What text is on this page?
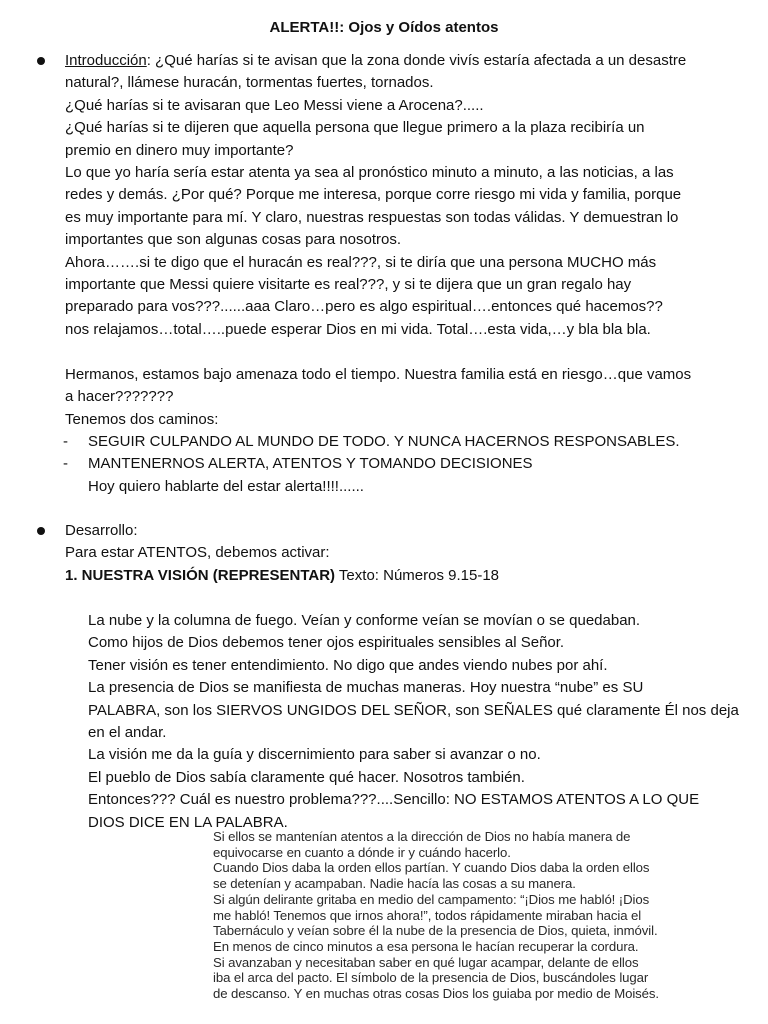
ALERTA!!: Ojos y Oídos atentos

Introducción: ¿Qué harías si te avisan que la zona donde vivís estaría afectada a un desastre

natural?, llámese huracán, tormentas fuertes, tornados.

¿Qué harías si te avisaran que Leo Messi viene a Arocena?.....

¿Qué harías si te dijeren que aquella persona que llegue primero a la plaza recibiría un

premio en dinero muy importante?

Lo que yo haría sería estar atenta ya sea al pronóstico minuto a minuto, a las noticias, a las

redes y demás. ¿Por qué? Porque me interesa, porque corre riesgo mi vida y familia, porque

es muy importante para mí. Y claro, nuestras respuestas son todas válidas. Y demuestran lo

importantes que son algunas cosas para nosotros.

Ahora…….si te digo que el huracán es real???, si te diría que una persona MUCHO más

importante que Messi quiere visitarte es real???, y si te dijera que un gran regalo hay

preparado para vos???......aaa Claro…pero es algo espiritual….entonces qué hacemos??

nos relajamos…total…..puede esperar Dios en mi vida. Total….esta vida,…y bla bla bla.

Hermanos, estamos bajo amenaza todo el tiempo. Nuestra familia está en riesgo…que vamos

a hacer???????

Tenemos dos caminos:

- SEGUIR CULPANDO AL MUNDO DE TODO. Y NUNCA HACERNOS RESPONSABLES.

- MANTENERNOS ALERTA, ATENTOS Y TOMANDO DECISIONES

Hoy quiero hablarte del estar alerta!!!!......

Desarrollo:

Para estar ATENTOS, debemos activar:

1. NUESTRA VISIÓN (REPRESENTAR) Texto: Números 9.15-18

La nube y la columna de fuego. Veían y conforme veían se movían o se quedaban.

Como hijos de Dios debemos tener ojos espirituales sensibles al Señor.

Tener visión es tener entendimiento. No digo que andes viendo nubes por ahí.

La presencia de Dios se manifiesta de muchas maneras. Hoy nuestra “nube” es SU

PALABRA, son los SIERVOS UNGIDOS DEL SEÑOR, son SEÑALES qué claramente Él nos deja

en el andar.

La visión me da la guía y discernimiento para saber si avanzar o no.

El pueblo de Dios sabía claramente qué hacer. Nosotros también.

Entonces??? Cuál es nuestro problema???....Sencillo: NO ESTAMOS ATENTOS A LO QUE

DIOS DICE EN LA PALABRA.

Si ellos se mantenían atentos a la dirección de Dios no había manera de

equivocarse en cuanto a dónde ir y cuándo hacerlo.

Cuando Dios daba la orden ellos partían. Y cuando Dios daba la orden ellos

se detenían y acampaban. Nadie hacía las cosas a su manera.

Si algún delirante gritaba en medio del campamento: “¡Dios me habló! ¡Dios

me habló! Tenemos que irnos ahora!”, todos rápidamente miraban hacia el

Tabernáculo y veían sobre él la nube de la presencia de Dios, quieta, inmóvil.

En menos de cinco minutos a esa persona le hacían recuperar la cordura.

Si avanzaban y necesitaban saber en qué lugar acampar, delante de ellos

iba el arca del pacto. El símbolo de la presencia de Dios, buscándoles lugar

de descanso. Y en muchas otras cosas Dios los guiaba por medio de Moisés.
